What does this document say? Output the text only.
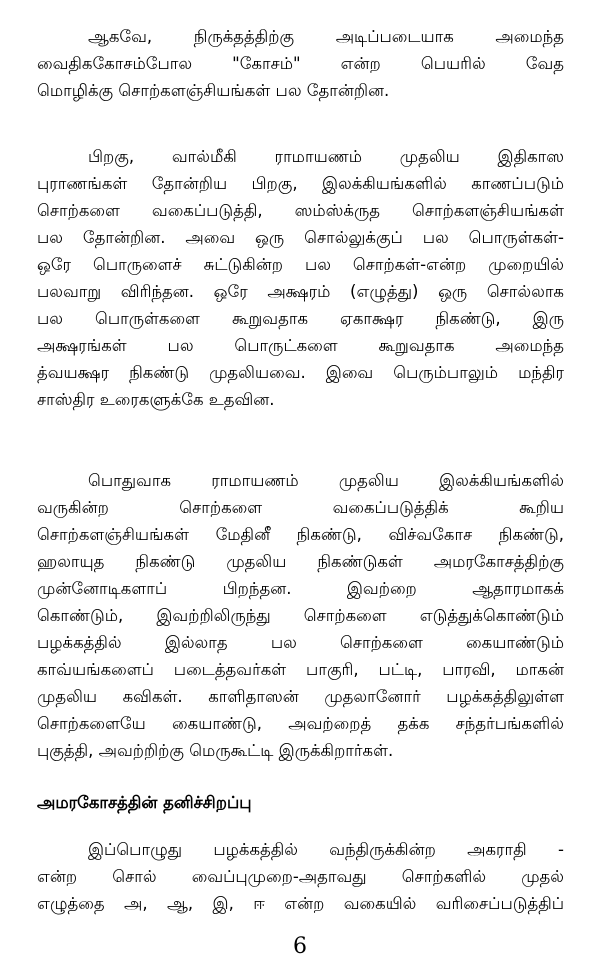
ஆகவே, நிருக்தத்திற்கு அடிப்படையாக அமைந்த
வைதிககோசம்போல "கோசம்" என்ற பெயரில் வேத
மொழிக்கு சொற்களஞ்சியங்கள் பல தோன்றின.
பிறகு, வால்மீகி ராமாயணம் முதலிய இதிகாஸ
புராணங்கள் தோன்றிய பிறகு, இலக்கியங்களில் காணப்படும்
சொற்களை வகைப்படுத்தி, ஸம்ஸ்க்ருத சொற்களஞ்சியங்கள்
பல தோன்றின. அவை ஒரு சொல்லுக்குப் பல பொருள்கள்-
ஒரே பொருளைச் சுட்டுகின்ற பல சொற்கள்-என்ற முறையில்
பலவாறு விரிந்தன. ஒரே அக்ஷரம் (எழுத்து) ஒரு சொல்லாக
பல பொருள்களை கூறுவதாக ஏகாக்ஷர நிகண்டு, இரு
அக்ஷரங்கள் பல பொருட்களை கூறுவதாக அமைந்த
த்வயக்ஷர நிகண்டு முதலியவை. இவை பெரும்பாலும் மந்திர
சாஸ்திர உரைகளுக்கே உதவின.
பொதுவாக ராமாயணம் முதலிய இலக்கியங்களில்
வருகின்ற சொற்களை வகைப்படுத்திக் கூறிய
சொற்களஞ்சியங்கள் மேதினீ நிகண்டு, விச்வகோச நிகண்டு,
ஹலாயுத நிகண்டு முதலிய நிகண்டுகள் அமரகோசத்திற்கு
முன்னோடிகளாப் பிறந்தன. இவற்றை ஆதாரமாகக்
கொண்டும், இவற்றிலிருந்து சொற்களை எடுத்துக்கொண்டும்
பழக்கத்தில் இல்லாத பல சொற்களை கையாண்டும்
காவ்யங்களைப் படைத்தவர்கள் பாகுரி, பட்டி, பாரவி, மாகன்
முதலிய கவிகள். காளிதாஸன் முதலானோர் பழக்கத்திலுள்ள
சொற்களையே கையாண்டு, அவற்றைத் தக்க சந்தர்பங்களில்
புகுத்தி, அவற்றிற்கு மெருகூட்டி இருக்கிறார்கள்.
அமரகோசத்தின் தனிச்சிறப்பு
இப்பொழுது பழக்கத்தில் வந்திருக்கின்ற அகராதி -
என்ற சொல் வைப்புமுறை-அதாவது சொற்களில் முதல்
எழுத்தை அ, ஆ, இ, ஈ என்ற வகையில் வரிசைப்படுத்திப்
6
